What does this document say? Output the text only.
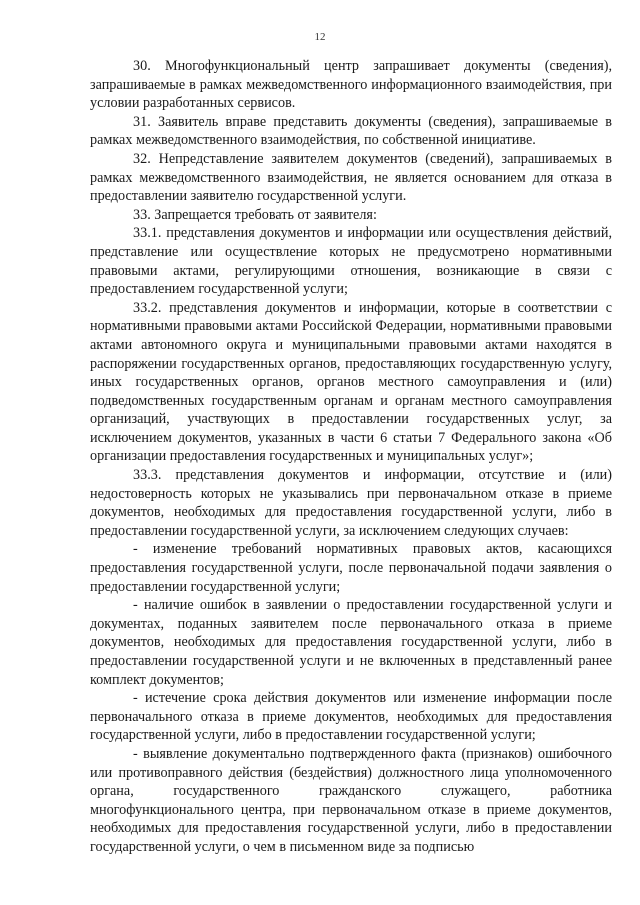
12

30. Многофункциональный центр запрашивает документы (сведения), запрашиваемые в рамках межведомственного информационного взаимодействия, при условии разработанных сервисов.

31. Заявитель вправе представить документы (сведения), запрашиваемые в рамках межведомственного взаимодействия, по собственной инициативе.

32. Непредставление заявителем документов (сведений), запрашиваемых в рамках межведомственного взаимодействия, не является основанием для отказа в предоставлении заявителю государственной услуги.

33. Запрещается требовать от заявителя:

33.1. представления документов и информации или осуществления действий, представление или осуществление которых не предусмотрено нормативными правовыми актами, регулирующими отношения, возникающие в связи с предоставлением государственной услуги;

33.2. представления документов и информации, которые в соответствии с нормативными правовыми актами Российской Федерации, нормативными правовыми актами автономного округа и муниципальными правовыми актами находятся в распоряжении государственных органов, предоставляющих государственную услугу, иных государственных органов, органов местного самоуправления и (или) подведомственных государственным органам и органам местного самоуправления организаций, участвующих в предоставлении государственных услуг, за исключением документов, указанных в части 6 статьи 7 Федерального закона «Об организации предоставления государственных и муниципальных услуг»;

33.3. представления документов и информации, отсутствие и (или) недостоверность которых не указывались при первоначальном отказе в приеме документов, необходимых для предоставления государственной услуги, либо в предоставлении государственной услуги, за исключением следующих случаев:

- изменение требований нормативных правовых актов, касающихся предоставления государственной услуги, после первоначальной подачи заявления о предоставлении государственной услуги;

- наличие ошибок в заявлении о предоставлении государственной услуги и документах, поданных заявителем после первоначального отказа в приеме документов, необходимых для предоставления государственной услуги, либо в предоставлении государственной услуги и не включенных в представленный ранее комплект документов;

- истечение срока действия документов или изменение информации после первоначального отказа в приеме документов, необходимых для предоставления государственной услуги, либо в предоставлении государственной услуги;

- выявление документально подтвержденного факта (признаков) ошибочного или противоправного действия (бездействия) должностного лица уполномоченного органа, государственного гражданского служащего, работника многофункционального центра, при первоначальном отказе в приеме документов, необходимых для предоставления государственной услуги, либо в предоставлении государственной услуги, о чем в письменном виде за подписью
